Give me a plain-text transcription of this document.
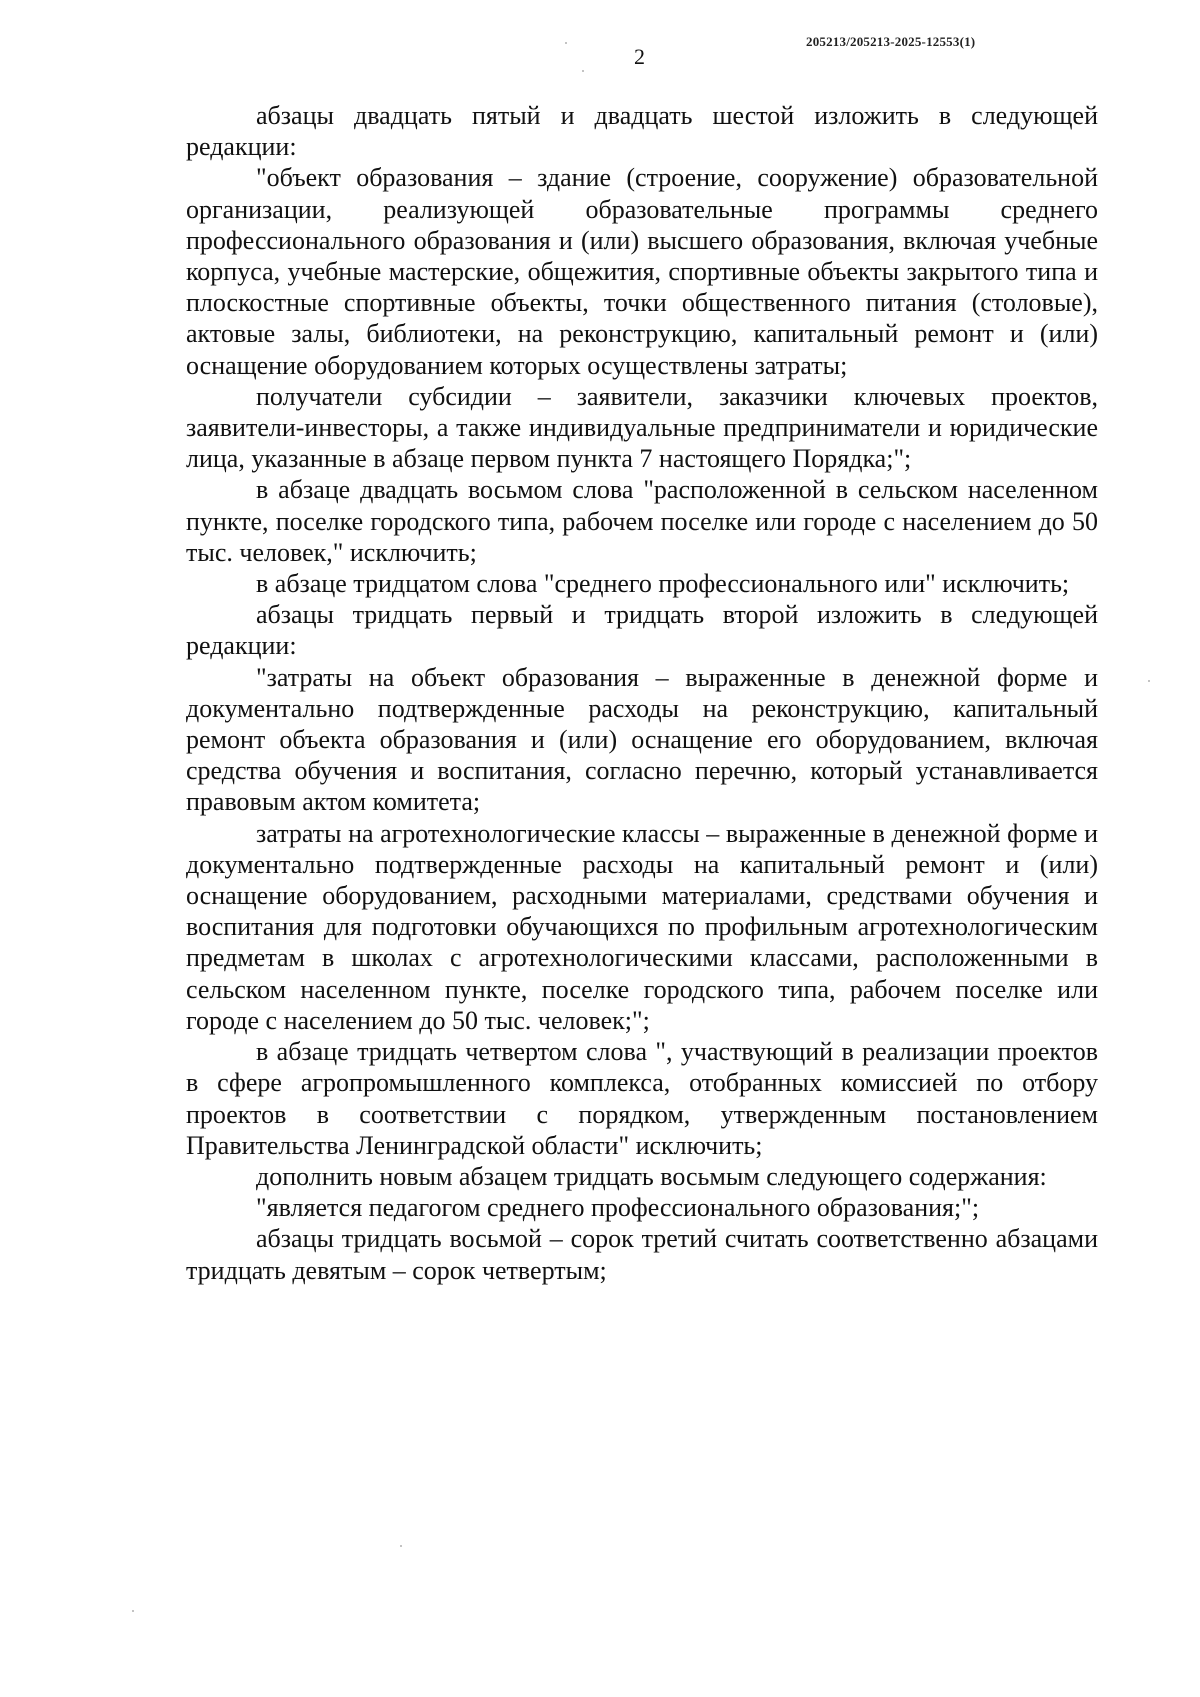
205213/205213-2025-12553(1)
2

абзацы двадцать пятый и двадцать шестой изложить в следующей редакции:

"объект образования – здание (строение, сооружение) образовательной организации, реализующей образовательные программы среднего профессионального образования и (или) высшего образования, включая учебные корпуса, учебные мастерские, общежития, спортивные объекты закрытого типа и плоскостные спортивные объекты, точки общественного питания (столовые), актовые залы, библиотеки, на реконструкцию, капитальный ремонт и (или) оснащение оборудованием которых осуществлены затраты;

получатели субсидии – заявители, заказчики ключевых проектов, заявители-инвесторы, а также индивидуальные предприниматели и юридические лица, указанные в абзаце первом пункта 7 настоящего Порядка;";

в абзаце двадцать восьмом слова "расположенной в сельском населенном пункте, поселке городского типа, рабочем поселке или городе с населением до 50 тыс. человек," исключить;

в абзаце тридцатом слова "среднего профессионального или" исключить;

абзацы тридцать первый и тридцать второй изложить в следующей редакции:

"затраты на объект образования – выраженные в денежной форме и документально подтвержденные расходы на реконструкцию, капитальный ремонт объекта образования и (или) оснащение его оборудованием, включая средства обучения и воспитания, согласно перечню, который устанавливается правовым актом комитета;

затраты на агротехнологические классы – выраженные в денежной форме и документально подтвержденные расходы на капитальный ремонт и (или) оснащение оборудованием, расходными материалами, средствами обучения и воспитания для подготовки обучающихся по профильным агротехнологическим предметам в школах с агротехнологическими классами, расположенными в сельском населенном пункте, поселке городского типа, рабочем поселке или городе с населением до 50 тыс. человек;";

в абзаце тридцать четвертом слова ", участвующий в реализации проектов в сфере агропромышленного комплекса, отобранных комиссией по отбору проектов в соответствии с порядком, утвержденным постановлением Правительства Ленинградской области" исключить;

дополнить новым абзацем тридцать восьмым следующего содержания:

"является педагогом среднего профессионального образования;";

абзацы тридцать восьмой – сорок третий считать соответственно абзацами тридцать девятым – сорок четвертым;
